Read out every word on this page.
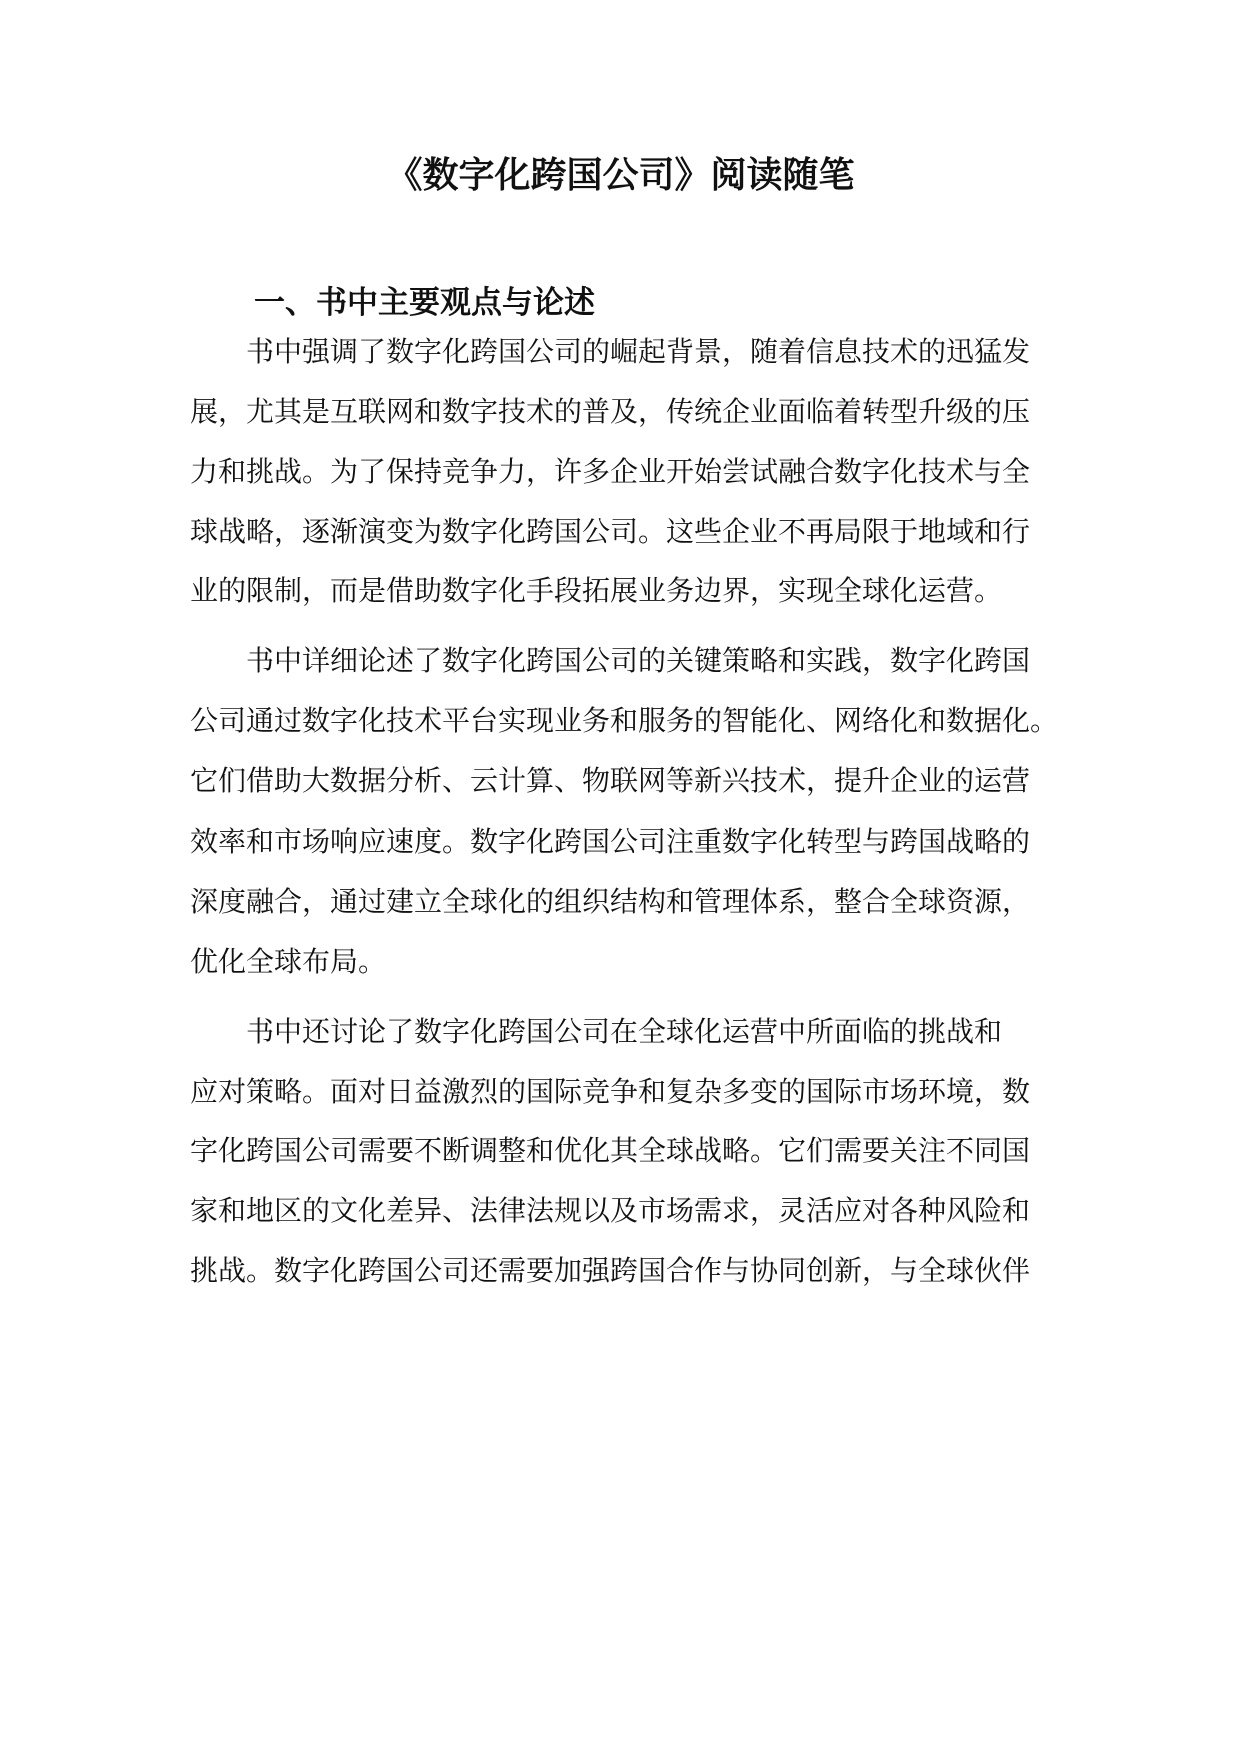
《数字化跨国公司》阅读随笔
一、书中主要观点与论述

书中强调了数字化跨国公司的崛起背景，随着信息技术的迅猛发

展，尤其是互联网和数字技术的普及，传统企业面临着转型升级的压

力和挑战。为了保持竞争力，许多企业开始尝试融合数字化技术与全

球战略，逐渐演变为数字化跨国公司。这些企业不再局限于地域和行

业的限制，而是借助数字化手段拓展业务边界，实现全球化运营。

书中详细论述了数字化跨国公司的关键策略和实践，数字化跨国

公司通过数字化技术平台实现业务和服务的智能化、网络化和数据化。

它们借助大数据分析、云计算、物联网等新兴技术，提升企业的运营

效率和市场响应速度。数字化跨国公司注重数字化转型与跨国战略的

深度融合，通过建立全球化的组织结构和管理体系，整合全球资源，

优化全球布局。

书中还讨论了数字化跨国公司在全球化运营中所面临的挑战和

应对策略。面对日益激烈的国际竞争和复杂多变的国际市场环境，数

字化跨国公司需要不断调整和优化其全球战略。它们需要关注不同国

家和地区的文化差异、法律法规以及市场需求，灵活应对各种风险和

挑战。数字化跨国公司还需要加强跨国合作与协同创新，与全球伙伴
